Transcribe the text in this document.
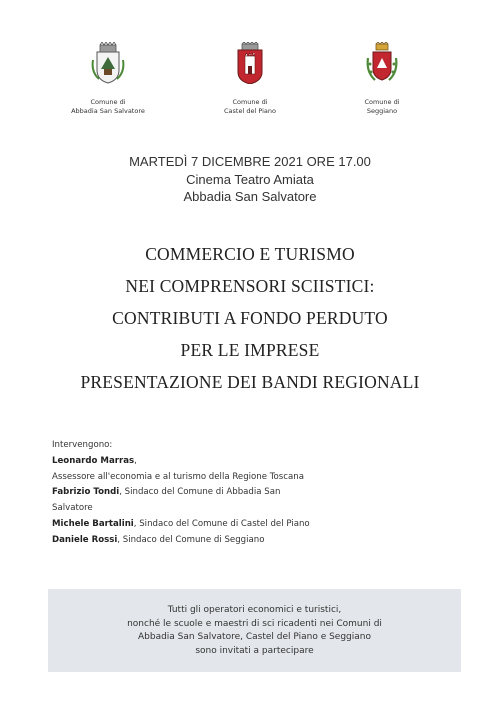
Comune di
Abbadia San Salvatore
Comune di
Castel del Piano
Comune di
Seggiano
MARTEDÌ 7 DICEMBRE 2021 ORE 17.00
Cinema Teatro Amiata
Abbadia San Salvatore
COMMERCIO E TURISMO
NEI COMPRENSORI SCIISTICI:
CONTRIBUTI A FONDO PERDUTO
PER LE IMPRESE
PRESENTAZIONE DEI BANDI REGIONALI
Intervengono:
Leonardo Marras,
Assessore all'economia e al turismo della Regione Toscana
Fabrizio Tondi, Sindaco del Comune di Abbadia San
Salvatore
Michele Bartalini, Sindaco del Comune di Castel del Piano
Daniele Rossi, Sindaco del Comune di Seggiano
Tutti gli operatori economici e turistici,
nonché le scuole e maestri di sci ricadenti nei Comuni di
Abbadia San Salvatore, Castel del Piano e Seggiano
sono invitati a partecipare
